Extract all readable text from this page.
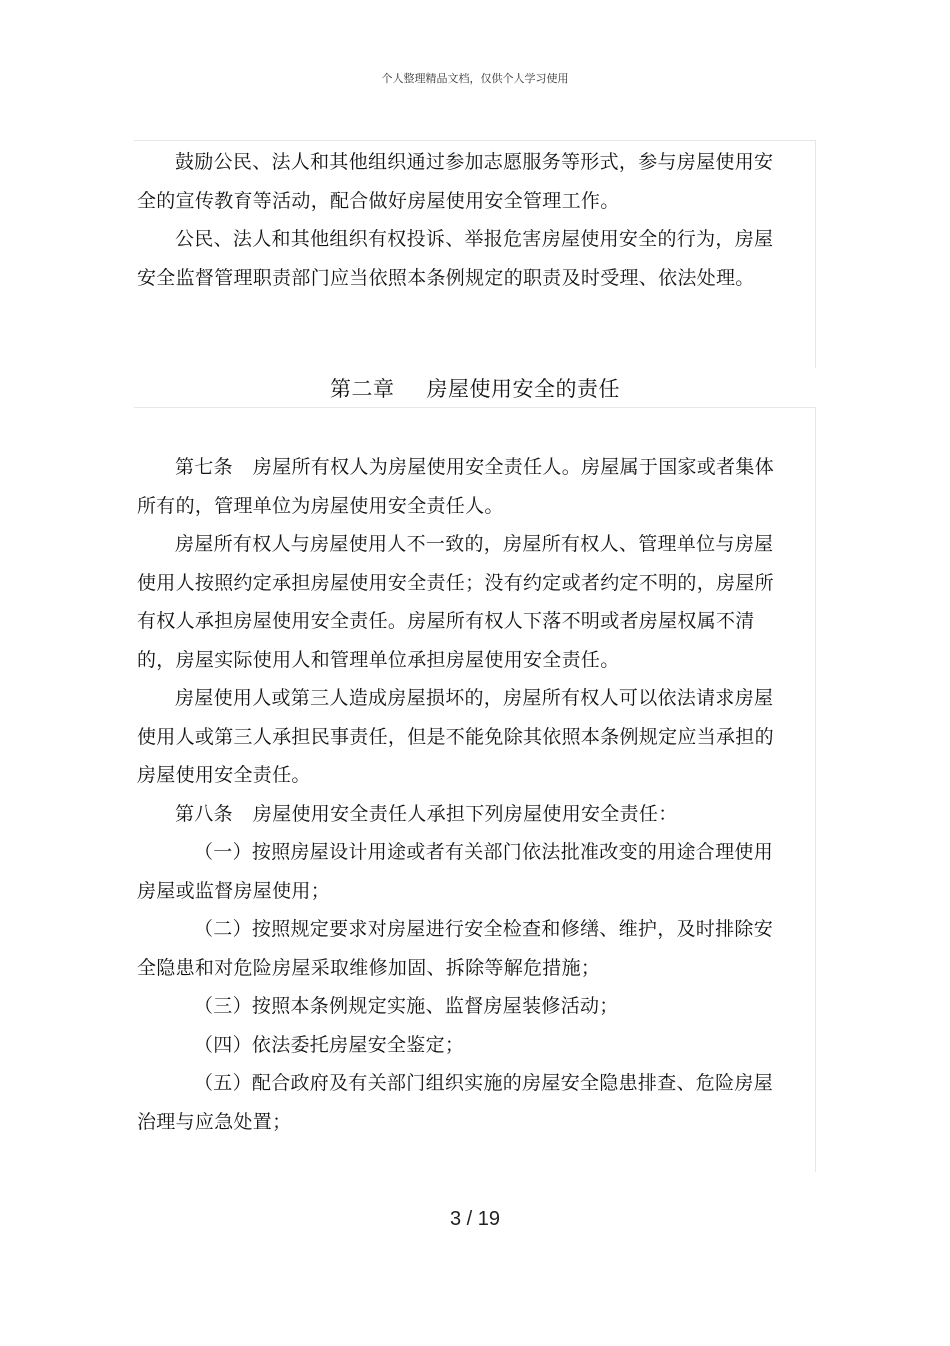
个人整理精品文档，仅供个人学习使用

鼓励公民、法人和其他组织通过参加志愿服务等形式，参与房屋使用安全的宣传教育等活动，配合做好房屋使用安全管理工作。

公民、法人和其他组织有权投诉、举报危害房屋使用安全的行为，房屋安全监督管理职责部门应当依照本条例规定的职责及时受理、依法处理。

第二章 房屋使用安全的责任

第七条 房屋所有权人为房屋使用安全责任人。房屋属于国家或者集体所有的，管理单位为房屋使用安全责任人。

房屋所有权人与房屋使用人不一致的，房屋所有权人、管理单位与房屋使用人按照约定承担房屋使用安全责任；没有约定或者约定不明的，房屋所有权人承担房屋使用安全责任。房屋所有权人下落不明或者房屋权属不清的，房屋实际使用人和管理单位承担房屋使用安全责任。

房屋使用人或第三人造成房屋损坏的，房屋所有权人可以依法请求房屋使用人或第三人承担民事责任，但是不能免除其依照本条例规定应当承担的房屋使用安全责任。

第八条 房屋使用安全责任人承担下列房屋使用安全责任：

（一）按照房屋设计用途或者有关部门依法批准改变的用途合理使用房屋或监督房屋使用；

（二）按照规定要求对房屋进行安全检查和修缮、维护，及时排除安全隐患和对危险房屋采取维修加固、拆除等解危措施；

（三）按照本条例规定实施、监督房屋装修活动；

（四）依法委托房屋安全鉴定；

（五）配合政府及有关部门组织实施的房屋安全隐患排查、危险房屋治理与应急处置；

3 / 19
